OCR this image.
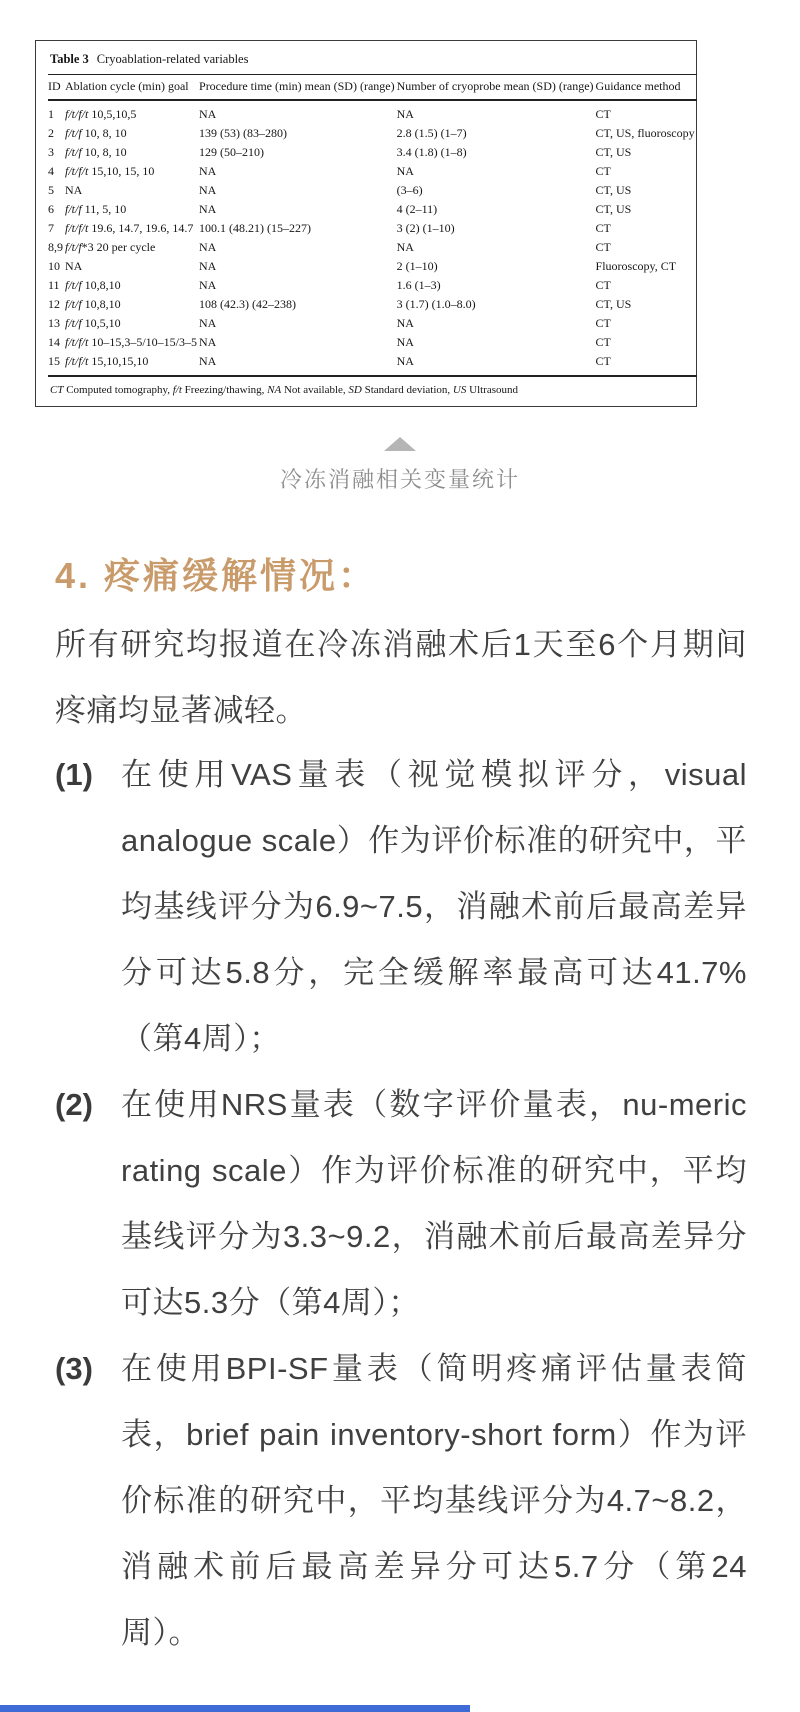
Table 3 Cryoablation-related variables
ID	Ablation cycle (min) goal	Procedure time (min) mean (SD) (range)	Number of cryoprobe mean (SD) (range)	Guidance method
1	f/t/f/t 10,5,10,5	NA	NA	CT
2	f/t/f 10, 8, 10	139 (53) (83–280)	2.8 (1.5) (1–7)	CT, US, fluoroscopy
3	f/t/f 10, 8, 10	129 (50–210)	3.4 (1.8) (1–8)	CT, US
4	f/t/f/t 15,10, 15, 10	NA	NA	CT
5	NA	NA	(3–6)	CT, US
6	f/t/f 11, 5, 10	NA	4 (2–11)	CT, US
7	f/t/f/t 19.6, 14.7, 19.6, 14.7	100.1 (48.21) (15–227)	3 (2) (1–10)	CT
8,9	f/t/f*3 20 per cycle	NA	NA	CT
10	NA	NA	2 (1–10)	Fluoroscopy, CT
11	f/t/f 10,8,10	NA	1.6 (1–3)	CT
12	f/t/f 10,8,10	108 (42.3) (42–238)	3 (1.7) (1.0–8.0)	CT, US
13	f/t/f 10,5,10	NA	NA	CT
14	f/t/f/t 10–15,3–5/10–15/3–5	NA	NA	CT
15	f/t/f/t 15,10,15,10	NA	NA	CT
CT Computed tomography, f/t Freezing/thawing, NA Not available, SD Standard deviation, US Ultrasound
冷冻消融相关变量统计
4. 疼痛缓解情况：
所有研究均报道在冷冻消融术后1天至6个月期间疼痛均显著减轻。
(1) 在使用VAS量表（视觉模拟评分，visual analogue scale）作为评价标准的研究中，平均基线评分为6.9~7.5，消融术前后最高差异分可达5.8分，完全缓解率最高可达41.7%（第4周）；
(2) 在使用NRS量表（数字评价量表，nu-meric rating scale）作为评价标准的研究中，平均基线评分为3.3~9.2，消融术前后最高差异分可达5.3分（第4周）；
(3) 在使用BPI-SF量表（简明疼痛评估量表简表，brief pain inventory-short form）作为评价标准的研究中，平均基线评分为4.7~8.2，消融术前后最高差异分可达5.7分（第24周）。
